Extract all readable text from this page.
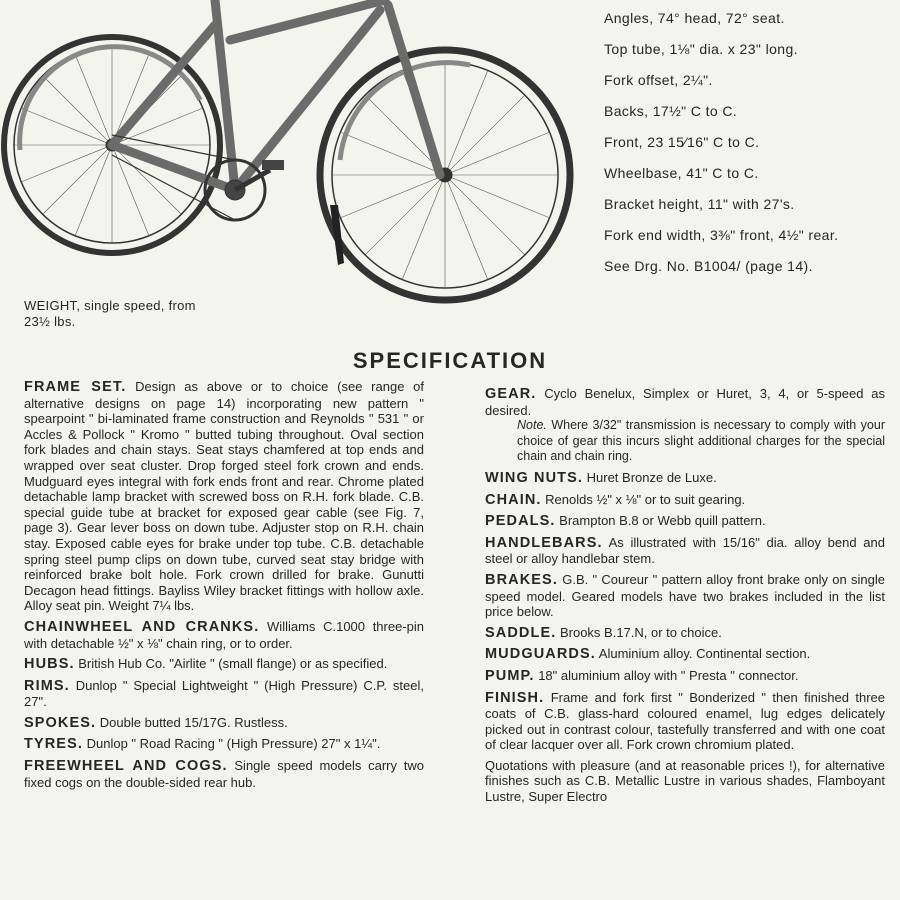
Angles, 74° head, 72° seat.
Top tube, 1⅛" dia. x 23" long.
Fork offset, 2¼".
Backs, 17½" C to C.
Front, 23 15⁄16" C to C.
Wheelbase, 41" C to C.
Bracket height, 11" with 27's.
Fork end width, 3⅜" front, 4½" rear.
See Drg. No. B1004/ (page 14).
WEIGHT, single speed, from 23½ lbs.
SPECIFICATION

FRAME SET. Design as above or to choice (see range of alternative designs on page 14) incorporating new pattern " spearpoint " bi-laminated frame construction and Reynolds " 531 " or Accles & Pollock " Kromo " butted tubing throughout. Oval section fork blades and chain stays. Seat stays chamfered at top ends and wrapped over seat cluster. Drop forged steel fork crown and ends. Mudguard eyes integral with fork ends front and rear. Chrome plated detachable lamp bracket with screwed boss on R.H. fork blade. C.B. special guide tube at bracket for exposed gear cable (see Fig. 7, page 3). Gear lever boss on down tube. Adjuster stop on R.H. chain stay. Exposed cable eyes for brake under top tube. C.B. detachable spring steel pump clips on down tube, curved seat stay bridge with reinforced brake bolt hole. Fork crown drilled for brake. Gunutti Decagon head fittings. Bayliss Wiley bracket fittings with hollow axle. Alloy seat pin. Weight 7¼ lbs.

CHAINWHEEL AND CRANKS. Williams C.1000 three-pin with detachable ½" x ⅛" chain ring, or to order.

HUBS. British Hub Co. "Airlite " (small flange) or as specified.

RIMS. Dunlop " Special Lightweight " (High Pressure) C.P. steel, 27".

SPOKES. Double butted 15/17G. Rustless.

TYRES. Dunlop " Road Racing " (High Pressure) 27" x 1¼".

FREEWHEEL AND COGS. Single speed models carry two fixed cogs on the double-sided rear hub.

GEAR. Cyclo Benelux, Simplex or Huret, 3, 4, or 5-speed as desired.

Note. Where 3/32" transmission is necessary to comply with your choice of gear this incurs slight additional charges for the special chain and chain ring.

WING NUTS. Huret Bronze de Luxe.

CHAIN. Renolds ½" x ⅛" or to suit gearing.

PEDALS. Brampton B.8 or Webb quill pattern.

HANDLEBARS. As illustrated with 15/16" dia. alloy bend and steel or alloy handlebar stem.

BRAKES. G.B. " Coureur " pattern alloy front brake only on single speed model. Geared models have two brakes included in the list price below.

SADDLE. Brooks B.17.N, or to choice.

MUDGUARDS. Aluminium alloy. Continental section.

PUMP. 18" aluminium alloy with " Presta " connector.

FINISH. Frame and fork first " Bonderized " then finished three coats of C.B. glass-hard coloured enamel, lug edges delicately picked out in contrast colour, tastefully transferred and with one coat of clear lacquer over all. Fork crown chromium plated.

Quotations with pleasure (and at reasonable prices !), for alternative finishes such as C.B. Metallic Lustre in various shades, Flamboyant Lustre, Super Electro
